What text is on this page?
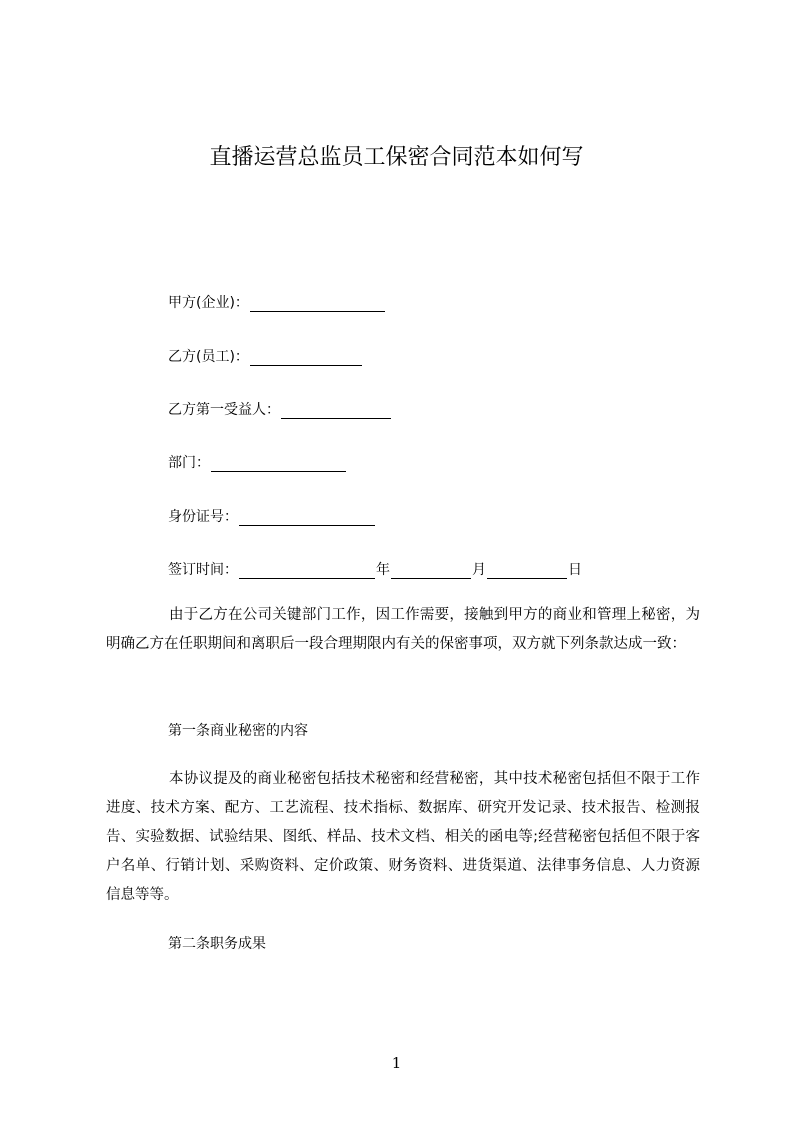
直播运营总监员工保密合同范本如何写
甲方(企业)：
乙方(员工)：
乙方第一受益人：
部门：
身份证号：
签订时间：	年	月	日
由于乙方在公司关键部门工作，因工作需要，接触到甲方的商业和管理上秘密，为明确乙方在任职期间和离职后一段合理期限内有关的保密事项，双方就下列条款达成一致：
第一条商业秘密的内容
本协议提及的商业秘密包括技术秘密和经营秘密，其中技术秘密包括但不限于工作进度、技术方案、配方、工艺流程、技术指标、数据库、研究开发记录、技术报告、检测报告、实验数据、试验结果、图纸、样品、技术文档、相关的函电等;经营秘密包括但不限于客户名单、行销计划、采购资料、定价政策、财务资料、进货渠道、法律事务信息、人力资源信息等等。
第二条职务成果
1
